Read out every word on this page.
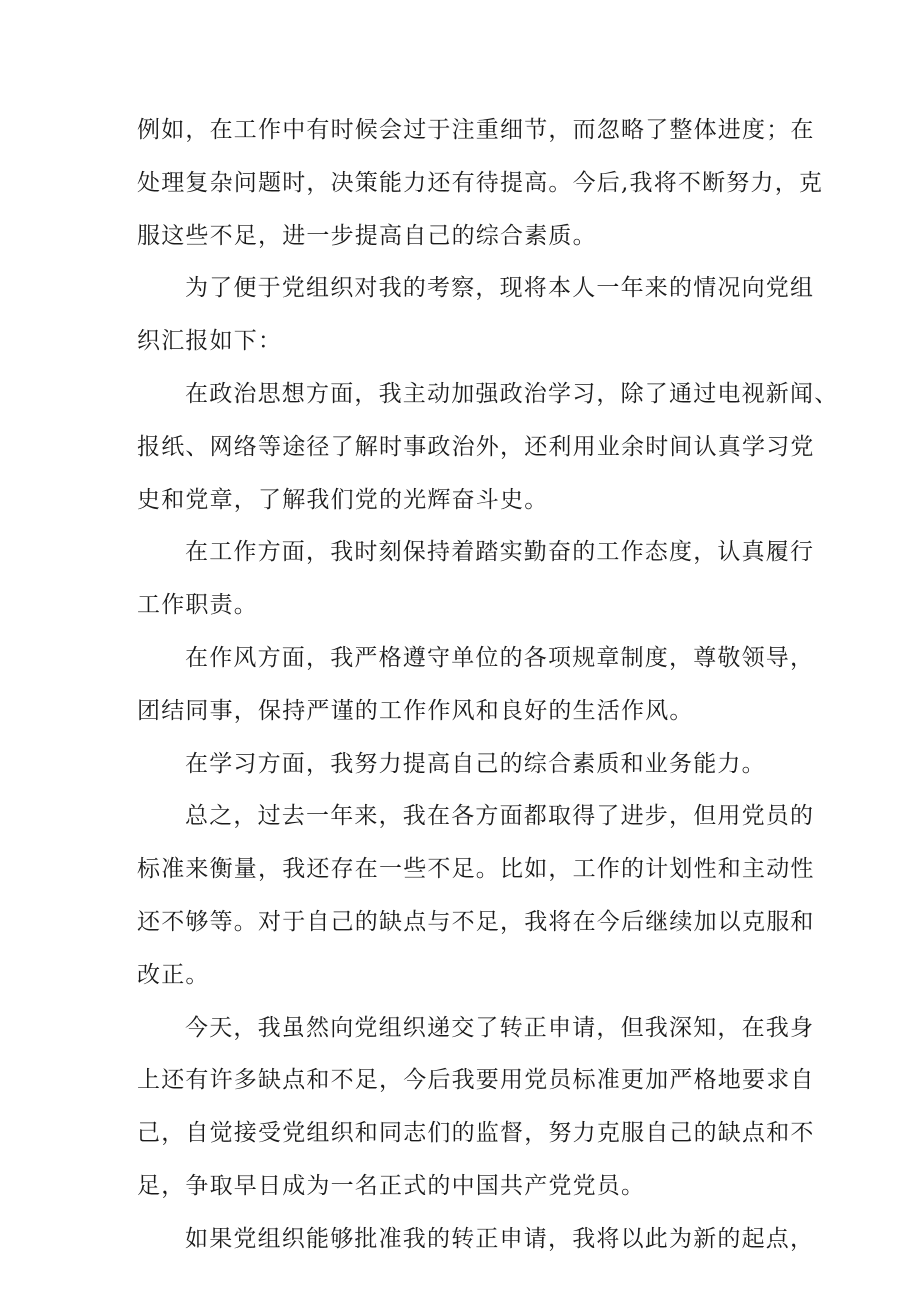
例如，在工作中有时候会过于注重细节，而忽略了整体进度；在
处理复杂问题时，决策能力还有待提高。今后,我将不断努力，克
服这些不足，进一步提高自己的综合素质。
为了便于党组织对我的考察，现将本人一年来的情况向党组
织汇报如下：
在政治思想方面，我主动加强政治学习，除了通过电视新闻、
报纸、网络等途径了解时事政治外，还利用业余时间认真学习党
史和党章，了解我们党的光辉奋斗史。
在工作方面，我时刻保持着踏实勤奋的工作态度，认真履行
工作职责。
在作风方面，我严格遵守单位的各项规章制度，尊敬领导，
团结同事，保持严谨的工作作风和良好的生活作风。
在学习方面，我努力提高自己的综合素质和业务能力。
总之，过去一年来，我在各方面都取得了进步，但用党员的
标准来衡量，我还存在一些不足。比如，工作的计划性和主动性
还不够等。对于自己的缺点与不足，我将在今后继续加以克服和
改正。
今天，我虽然向党组织递交了转正申请，但我深知，在我身
上还有许多缺点和不足，今后我要用党员标准更加严格地要求自
己，自觉接受党组织和同志们的监督，努力克服自己的缺点和不
足，争取早日成为一名正式的中国共产党党员。
如果党组织能够批准我的转正申请，我将以此为新的起点，
